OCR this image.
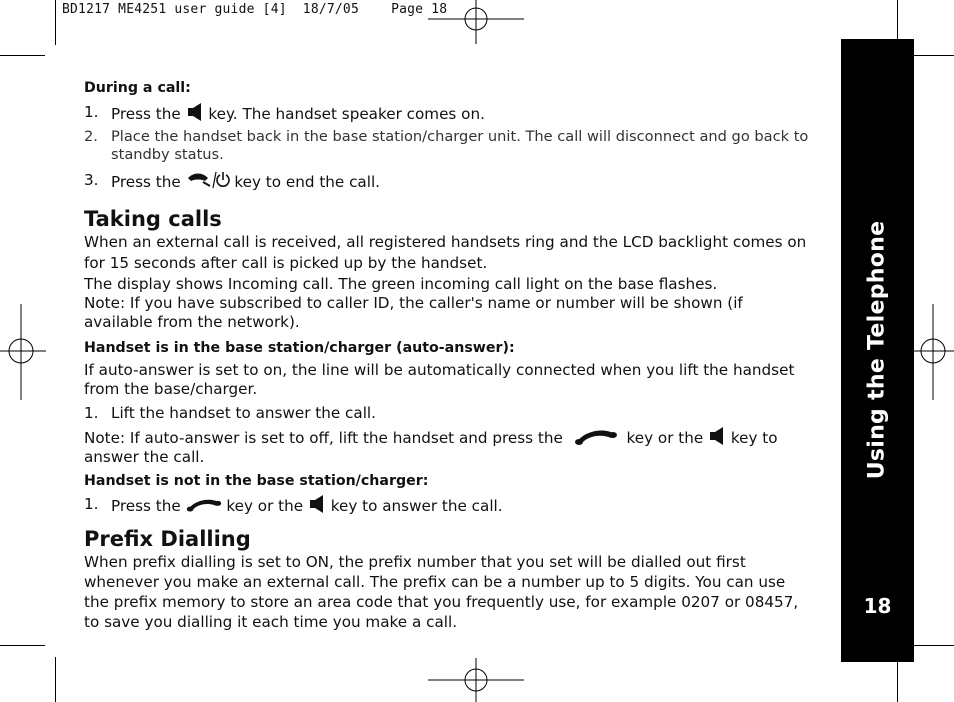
BD1217 ME4251 user guide [4]  18/7/05    Page 18
Using the Telephone
18

During a call:

1. Press the key. The handset speaker comes on.

2. Place the handset back in the base station/charger unit. The call will disconnect and go back to standby status.

3. Press the	key to end the call.

Taking calls

When an external call is received, all registered handsets ring and the LCD backlight comes on for 15 seconds after call is picked up by the handset.

The display shows Incoming call. The green incoming call light on the base flashes.

Note: If you have subscribed to caller ID, the caller's name or number will be shown (if available from the network).

Handset is in the base station/charger (auto-answer):

If auto-answer is set to on, the line will be automatically connected when you lift the handset from the base/charger.

1. Lift the handset to answer the call.

Note: If auto-answer is set to off, lift the handset and press the	key or the key to answer the call.

Handset is not in the base station/charger:

1. Press the	key or the key to answer the call.

Prefix Dialling

When prefix dialling is set to ON, the prefix number that you set will be dialled out first whenever you make an external call. The prefix can be a number up to 5 digits. You can use the prefix memory to store an area code that you frequently use, for example 0207 or 08457, to save you dialling it each time you make a call.
